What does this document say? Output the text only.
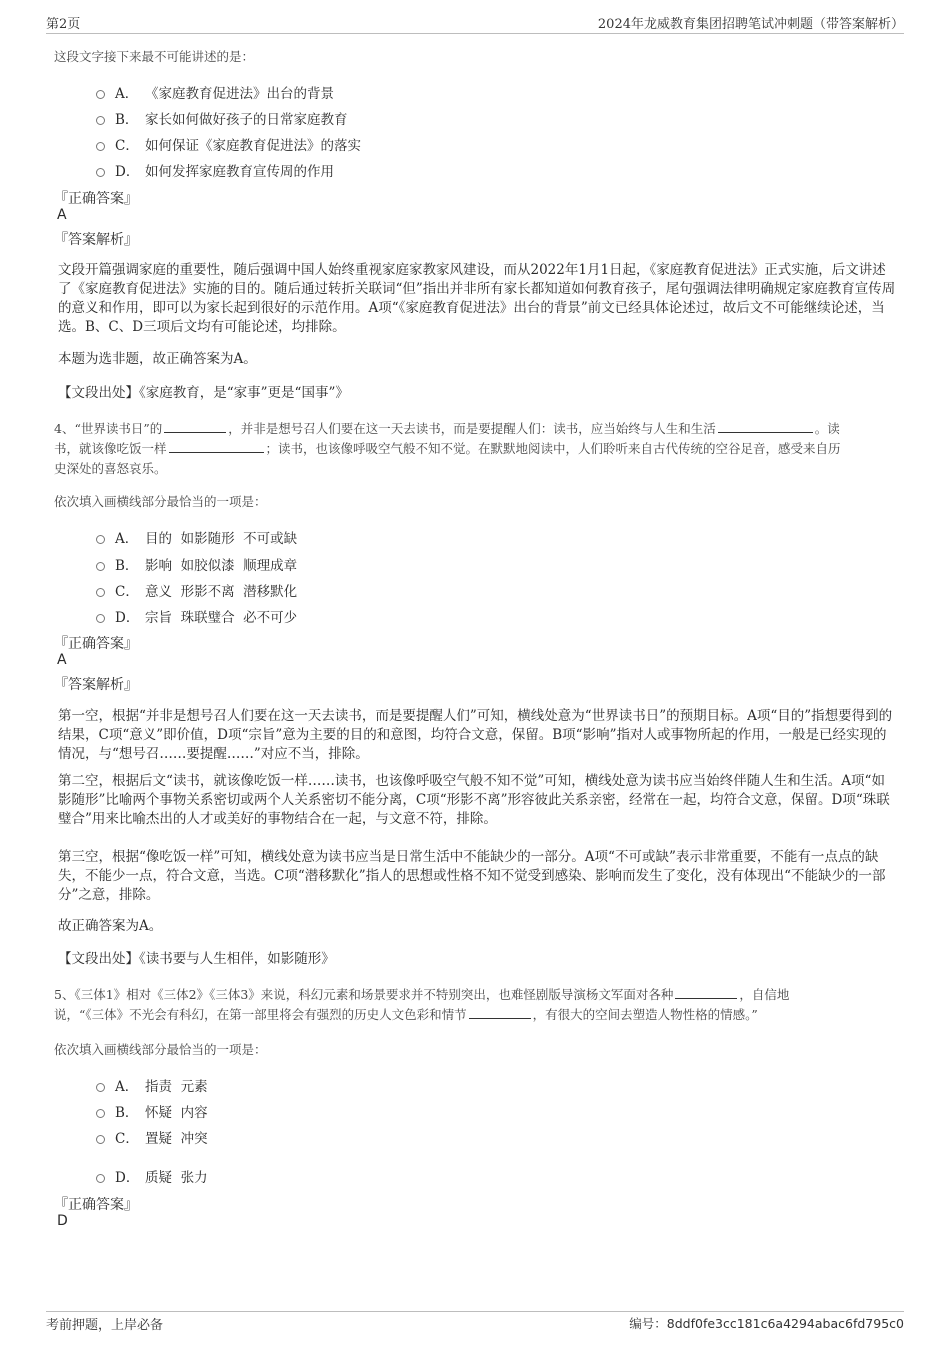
第2页	2024年龙威教育集团招聘笔试冲刺题（带答案解析）
这段文字接下来最不可能讲述的是：
A． 《家庭教育促进法》出台的背景
B． 家长如何做好孩子的日常家庭教育
C． 如何保证《家庭教育促进法》的落实
D． 如何发挥家庭教育宣传周的作用
『正确答案』
A
『答案解析』
文段开篇强调家庭的重要性，随后强调中国人始终重视家庭家教家风建设，而从2022年1月1日起，《家庭教育促进法》正式实施，后文讲述了《家庭教育促进法》实施的目的。随后通过转折关联词“但”指出并非所有家长都知道如何教育孩子，尾句强调法律明确规定家庭教育宣传周的意义和作用，即可以为家长起到很好的示范作用。A项“《家庭教育促进法》出台的背景”前文已经具体论述过，故后文不可能继续论述，当选。B、C、D三项后文均有可能论述，均排除。
本题为选非题，故正确答案为A。
【文段出处】《家庭教育，是“家事”更是“国事”》
4、“世界读书日”的	，并非是想号召人们要在这一天去读书，而是要提醒人们：读书，应当始终与人生和生活	。读
书，就该像吃饭一样	；读书，也该像呼吸空气般不知不觉。在默默地阅读中，人们聆听来自古代传统的空谷足音，感受来自历
史深处的喜怒哀乐。
依次填入画横线部分最恰当的一项是：
A． 目的  如影随形  不可或缺
B． 影响  如胶似漆  顺理成章
C． 意义  形影不离  潜移默化
D． 宗旨  珠联璧合  必不可少
『正确答案』
A
『答案解析』
第一空，根据“并非是想号召人们要在这一天去读书，而是要提醒人们”可知，横线处意为“世界读书日”的预期目标。A项“目的”指想要得到的结果，C项“意义”即价值，D项“宗旨”意为主要的目的和意图，均符合文意，保留。B项“影响”指对人或事物所起的作用，一般是已经实现的情况，与“想号召……要提醒……”对应不当，排除。
第二空，根据后文“读书，就该像吃饭一样……读书，也该像呼吸空气般不知不觉”可知，横线处意为读书应当始终伴随人生和生活。A项“如影随形”比喻两个事物关系密切或两个人关系密切不能分离，C项“形影不离”形容彼此关系亲密，经常在一起，均符合文意，保留。D项“珠联璧合”用来比喻杰出的人才或美好的事物结合在一起，与文意不符，排除。
第三空，根据“像吃饭一样”可知，横线处意为读书应当是日常生活中不能缺少的一部分。A项“不可或缺”表示非常重要，不能有一点点的缺失，不能少一点，符合文意，当选。C项“潜移默化”指人的思想或性格不知不觉受到感染、影响而发生了变化，没有体现出“不能缺少的一部分”之意，排除。
故正确答案为A。
【文段出处】《读书要与人生相伴，如影随形》
5、《三体1》相对《三体2》《三体3》来说，科幻元素和场景要求并不特别突出，也难怪剧版导演杨文军面对各种	，自信地
说，“《三体》不光会有科幻，在第一部里将会有强烈的历史人文色彩和情节	，有很大的空间去塑造人物性格的情感。”
依次填入画横线部分最恰当的一项是：
A． 指责  元素
B． 怀疑  内容
C． 置疑  冲突
D． 质疑  张力
『正确答案』
D
考前押题，上岸必备	编号：8ddf0fe3cc181c6a4294abac6fd795c0
